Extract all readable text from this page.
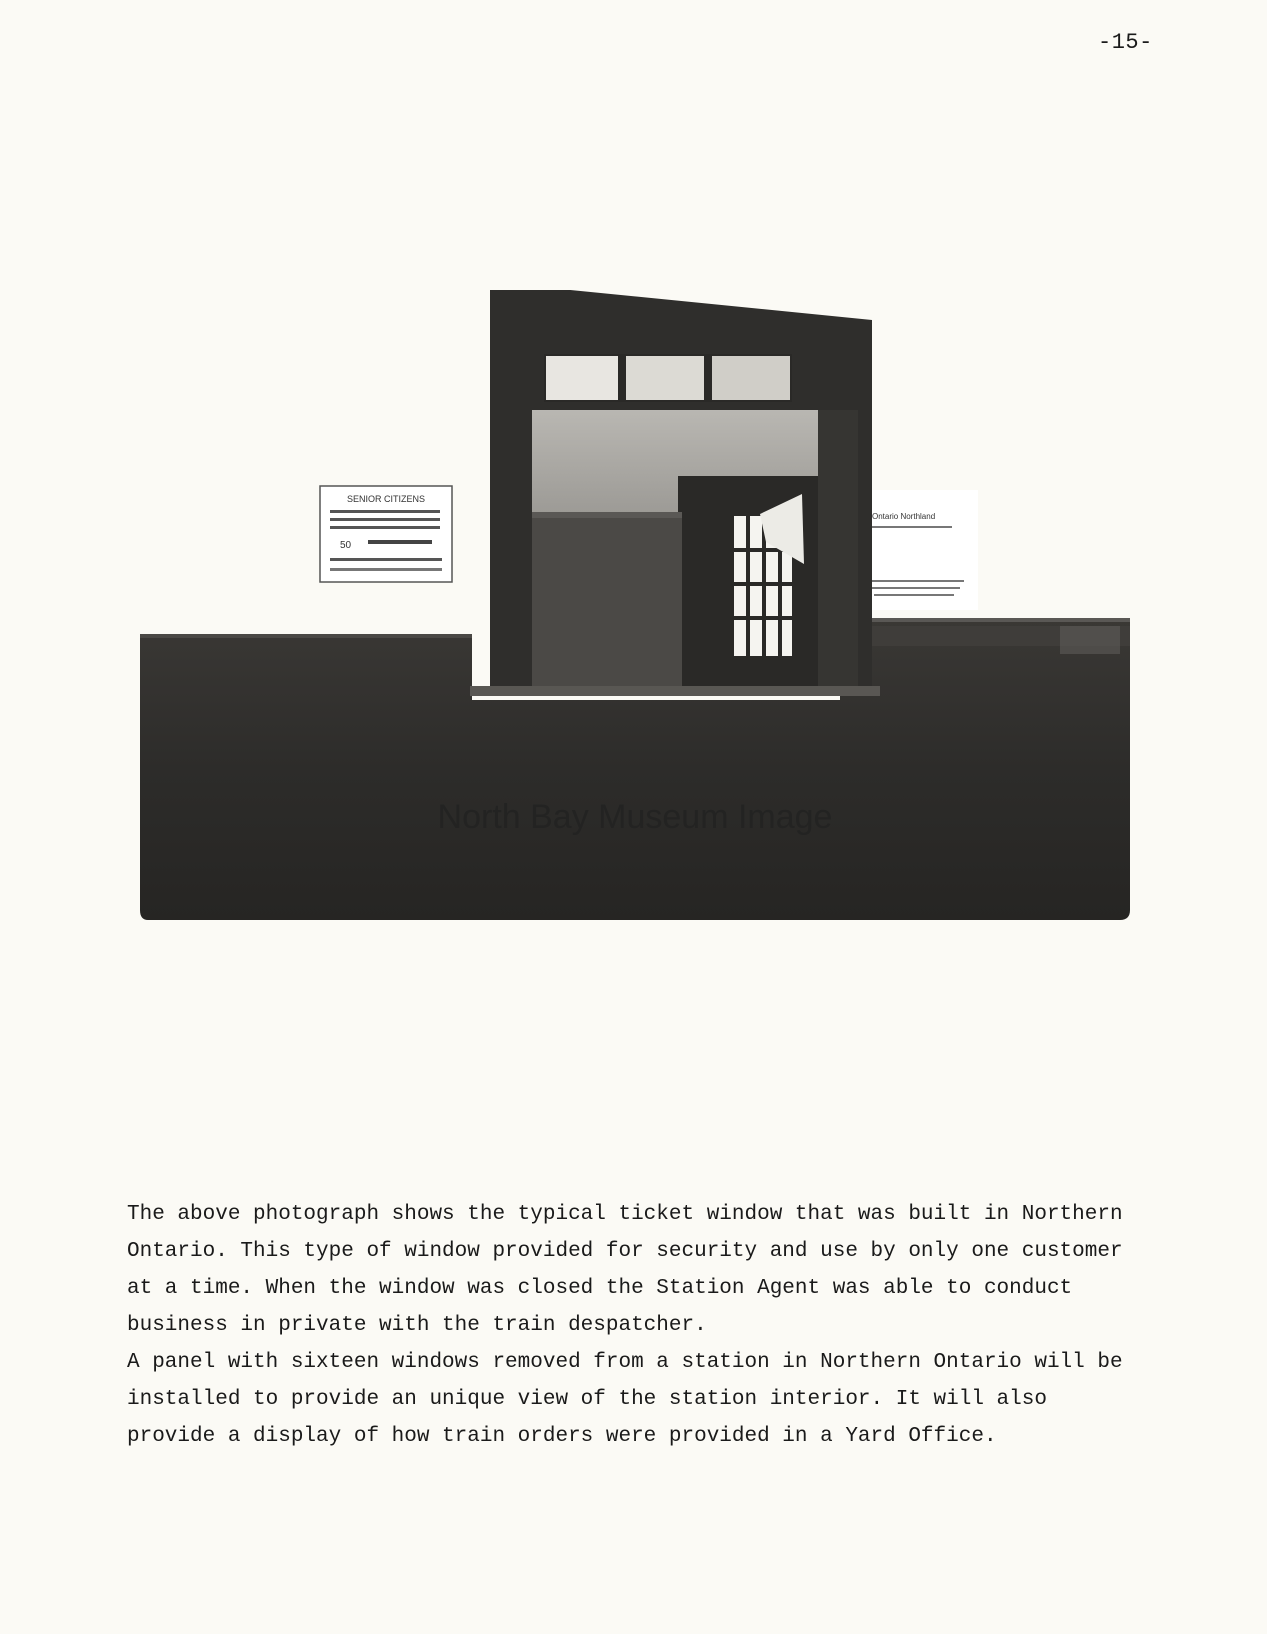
-15-
SENIOR CITIZENS
50
Ontario Northland
North Bay Museum Image

The above photograph shows the typical ticket window that was built in Northern Ontario. This type of window provided for security and use by only one customer at a time. When the window was closed the Station Agent was able to conduct business in private with the train despatcher.

A panel with sixteen windows removed from a station in Northern Ontario will be installed to provide an unique view of the station interior. It will also provide a display of how train orders were provided in a Yard Office.
